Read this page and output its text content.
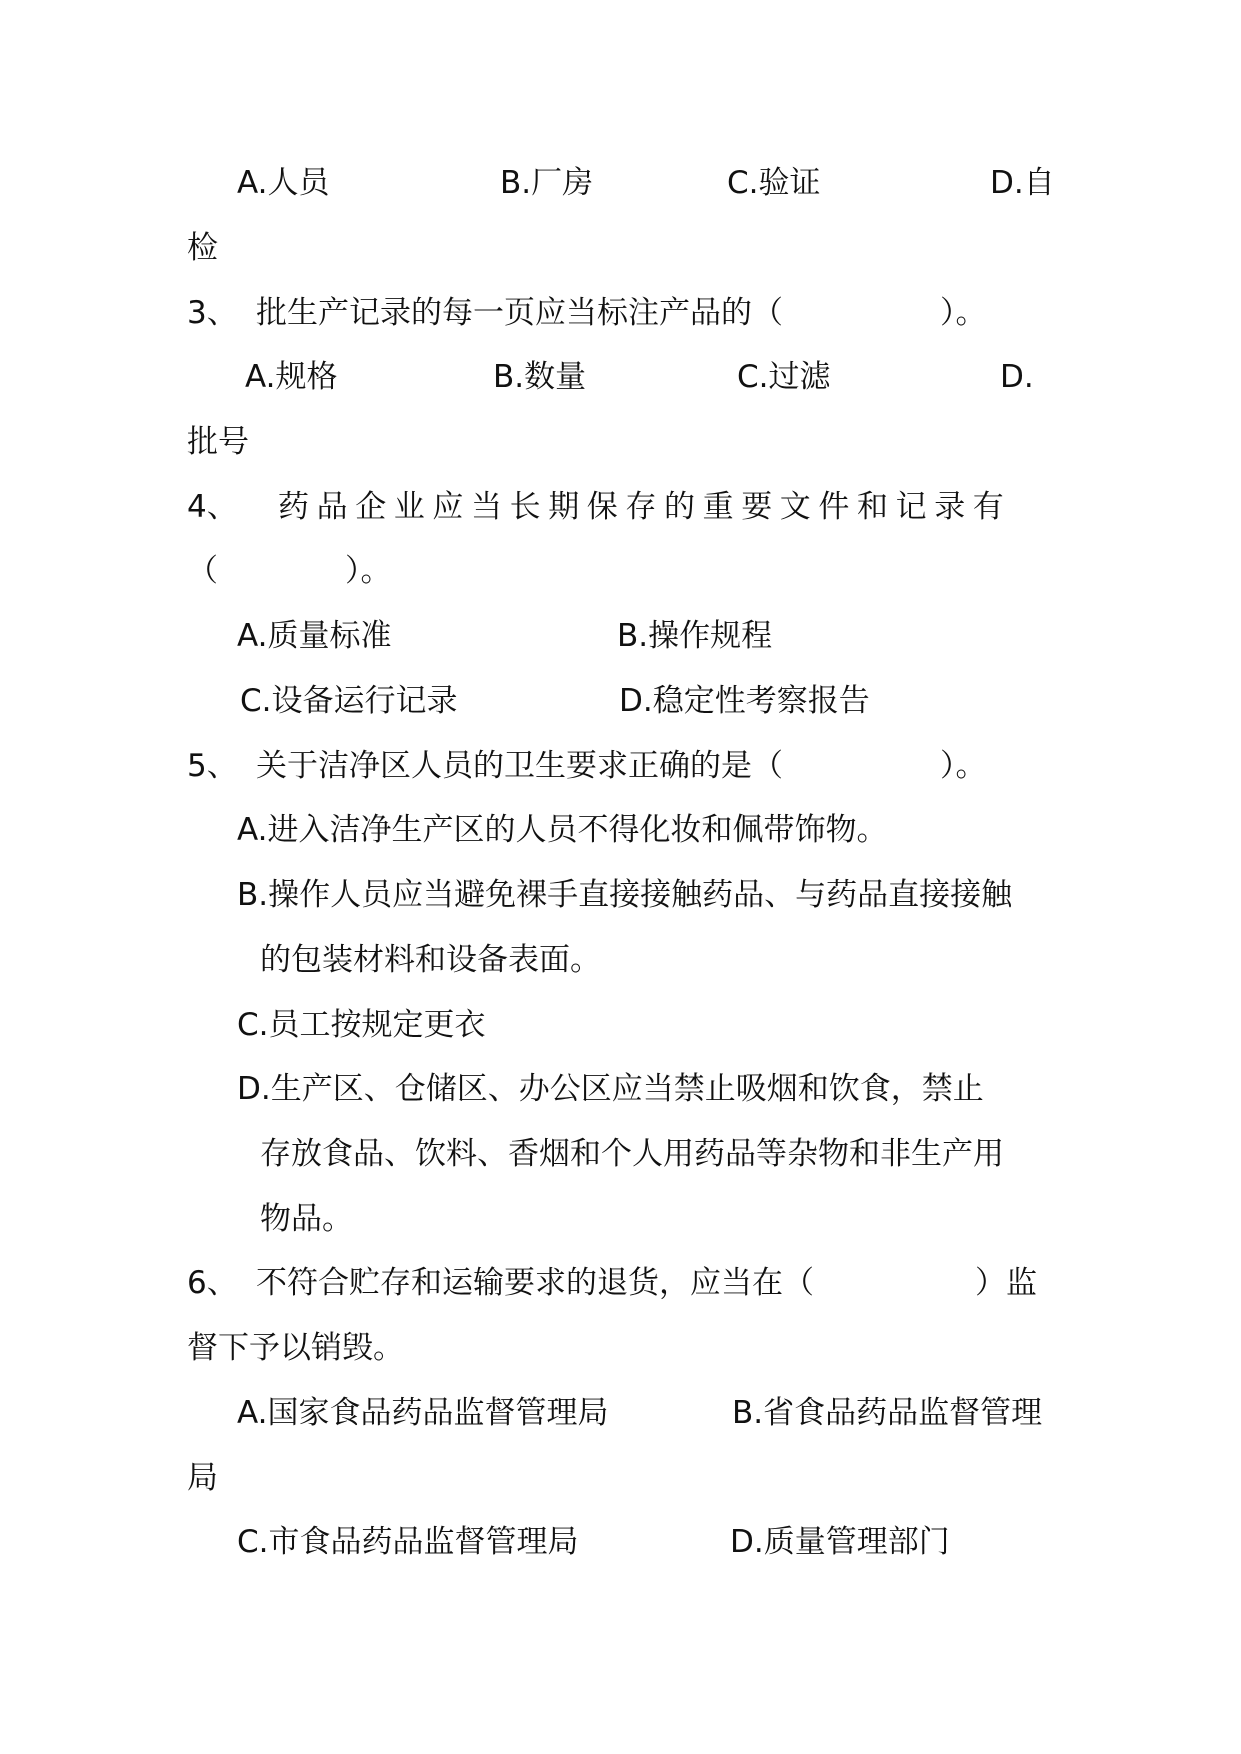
A.人员	B.厂房	C.验证	D.自
检
3、 批生产记录的每一页应当标注产品的（	）。
A.规格	B.数量	C.过滤	D.
批号
4、 药品企业应当长期保存的重要文件和记录有
（	）。
A.质量标准	B.操作规程
C.设备运行记录	D.稳定性考察报告
5、 关于洁净区人员的卫生要求正确的是（	）。
A.进入洁净生产区的人员不得化妆和佩带饰物。
B.操作人员应当避免裸手直接接触药品、与药品直接接触
的包装材料和设备表面。
C.员工按规定更衣
D.生产区、仓储区、办公区应当禁止吸烟和饮食，禁止
存放食品、饮料、香烟和个人用药品等杂物和非生产用
物品。
6、 不符合贮存和运输要求的退货，应当在（	）监
督下予以销毁。
A.国家食品药品监督管理局	B.省食品药品监督管理
局
C.市食品药品监督管理局	D.质量管理部门
